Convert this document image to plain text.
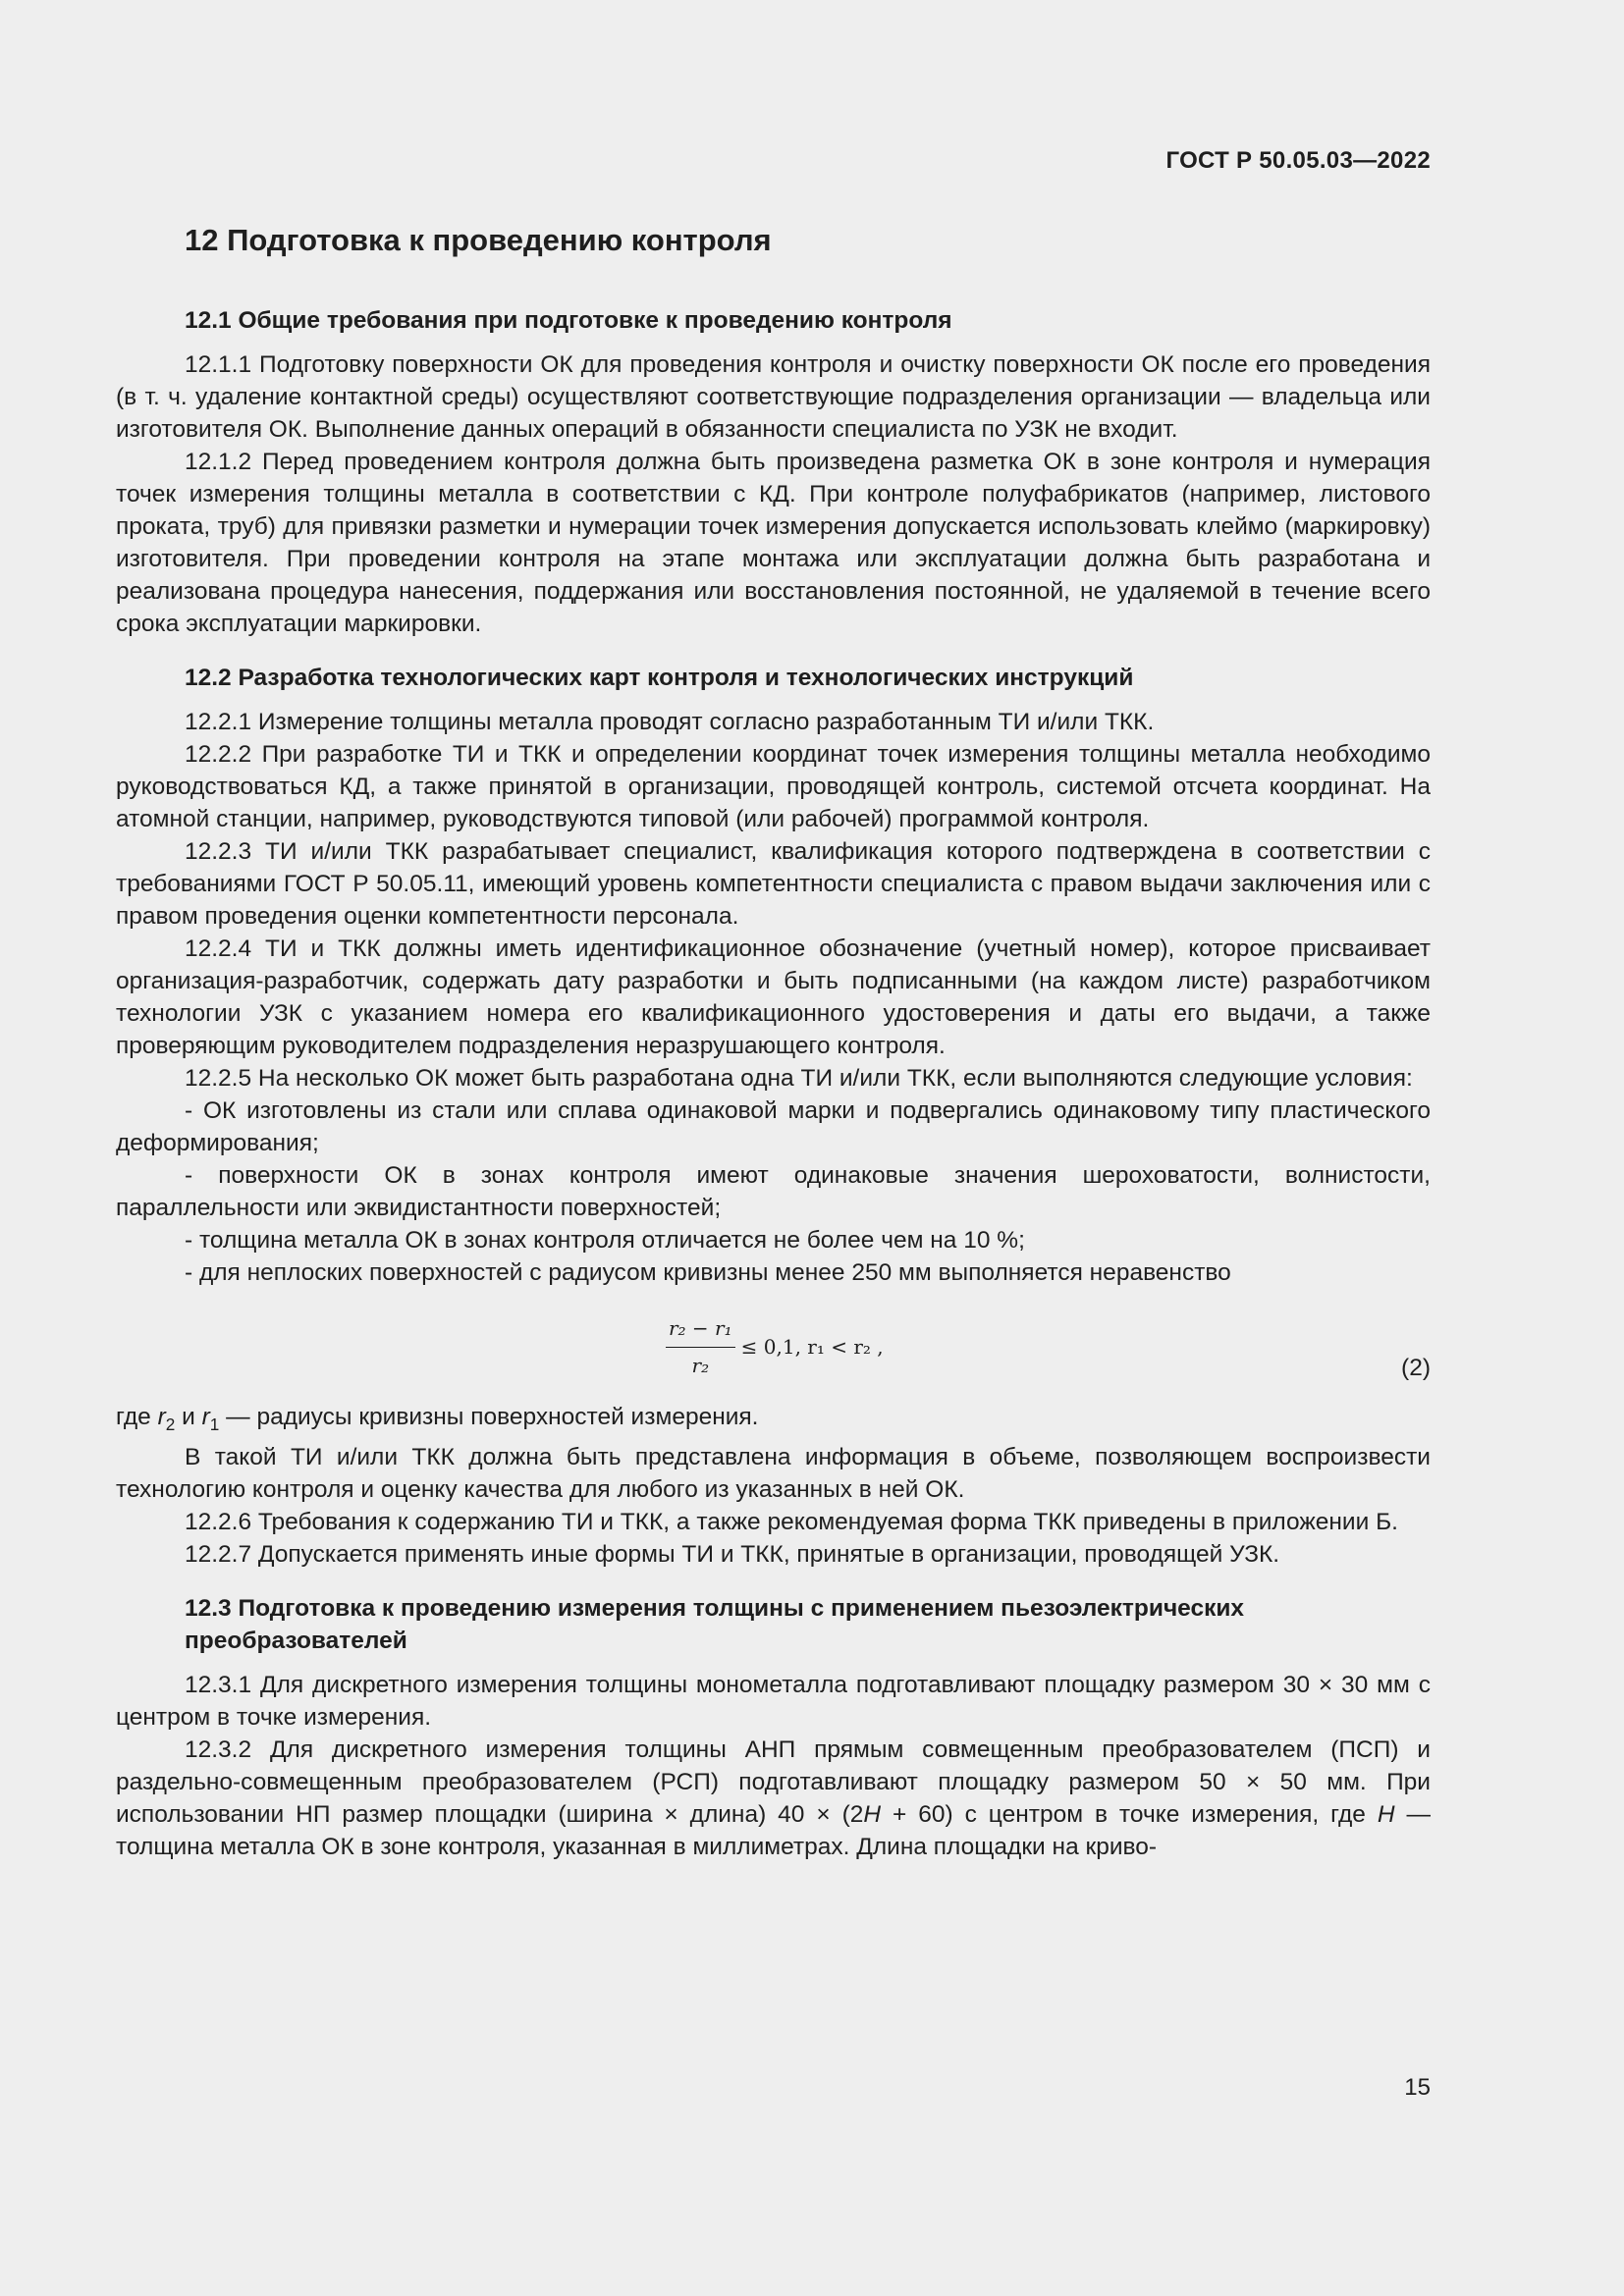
ГОСТ Р 50.05.03—2022
12 Подготовка к проведению контроля
12.1 Общие требования при подготовке к проведению контроля

12.1.1 Подготовку поверхности ОК для проведения контроля и очистку поверхности ОК после его проведения (в т. ч. удаление контактной среды) осуществляют соответствующие подразделения организации — владельца или изготовителя ОК. Выполнение данных операций в обязанности специалиста по УЗК не входит.

12.1.2 Перед проведением контроля должна быть произведена разметка ОК в зоне контроля и нумерация точек измерения толщины металла в соответствии с КД. При контроле полуфабрикатов (например, листового проката, труб) для привязки разметки и нумерации точек измерения допускается использовать клеймо (маркировку) изготовителя. При проведении контроля на этапе монтажа или эксплуатации должна быть разработана и реализована процедура нанесения, поддержания или восстановления постоянной, не удаляемой в течение всего срока эксплуатации маркировки.

12.2 Разработка технологических карт контроля и технологических инструкций

12.2.1 Измерение толщины металла проводят согласно разработанным ТИ и/или ТКК.

12.2.2 При разработке ТИ и ТКК и определении координат точек измерения толщины металла необходимо руководствоваться КД, а также принятой в организации, проводящей контроль, системой отсчета координат. На атомной станции, например, руководствуются типовой (или рабочей) программой контроля.

12.2.3 ТИ и/или ТКК разрабатывает специалист, квалификация которого подтверждена в соответствии с требованиями ГОСТ Р 50.05.11, имеющий уровень компетентности специалиста с правом выдачи заключения или с правом проведения оценки компетентности персонала.

12.2.4 ТИ и ТКК должны иметь идентификационное обозначение (учетный номер), которое присваивает организация-разработчик, содержать дату разработки и быть подписанными (на каждом листе) разработчиком технологии УЗК с указанием номера его квалификационного удостоверения и даты его выдачи, а также проверяющим руководителем подразделения неразрушающего контроля.

12.2.5 На несколько ОК может быть разработана одна ТИ и/или ТКК, если выполняются следующие условия:

- ОК изготовлены из стали или сплава одинаковой марки и подвергались одинаковому типу пластического деформирования;

- поверхности ОК в зонах контроля имеют одинаковые значения шероховатости, волнистости, параллельности или эквидистантности поверхностей;

- толщина металла ОК в зонах контроля отличается не более чем на 10 %;

- для неплоских поверхностей с радиусом кривизны менее 250 мм выполняется неравенство

$\frac{\text{r₂ − r₁}}{\text{r₂}} \le 0,1$, r₁ < r₂ ,
(2)

где $r_2$ и $r_1$ — радиусы кривизны поверхностей измерения.

В такой ТИ и/или ТКК должна быть представлена информация в объеме, позволяющем воспроизвести технологию контроля и оценку качества для любого из указанных в ней ОК.

12.2.6 Требования к содержанию ТИ и ТКК, а также рекомендуемая форма ТКК приведены в приложении Б.

12.2.7 Допускается применять иные формы ТИ и ТКК, принятые в организации, проводящей УЗК.

12.3 Подготовка к проведению измерения толщины с применением пьезоэлектрических преобразователей

12.3.1 Для дискретного измерения толщины монометалла подготавливают площадку размером 30 × 30 мм с центром в точке измерения.

12.3.2 Для дискретного измерения толщины АНП прямым совмещенным преобразователем (ПСП) и раздельно-совмещенным преобразователем (РСП) подготавливают площадку размером 50 × 50 мм. При использовании НП размер площадки (ширина × длина) 40 × (2H + 60) с центром в точке измерения, где H — толщина металла ОК в зоне контроля, указанная в миллиметрах. Длина площадки на криво-

15
